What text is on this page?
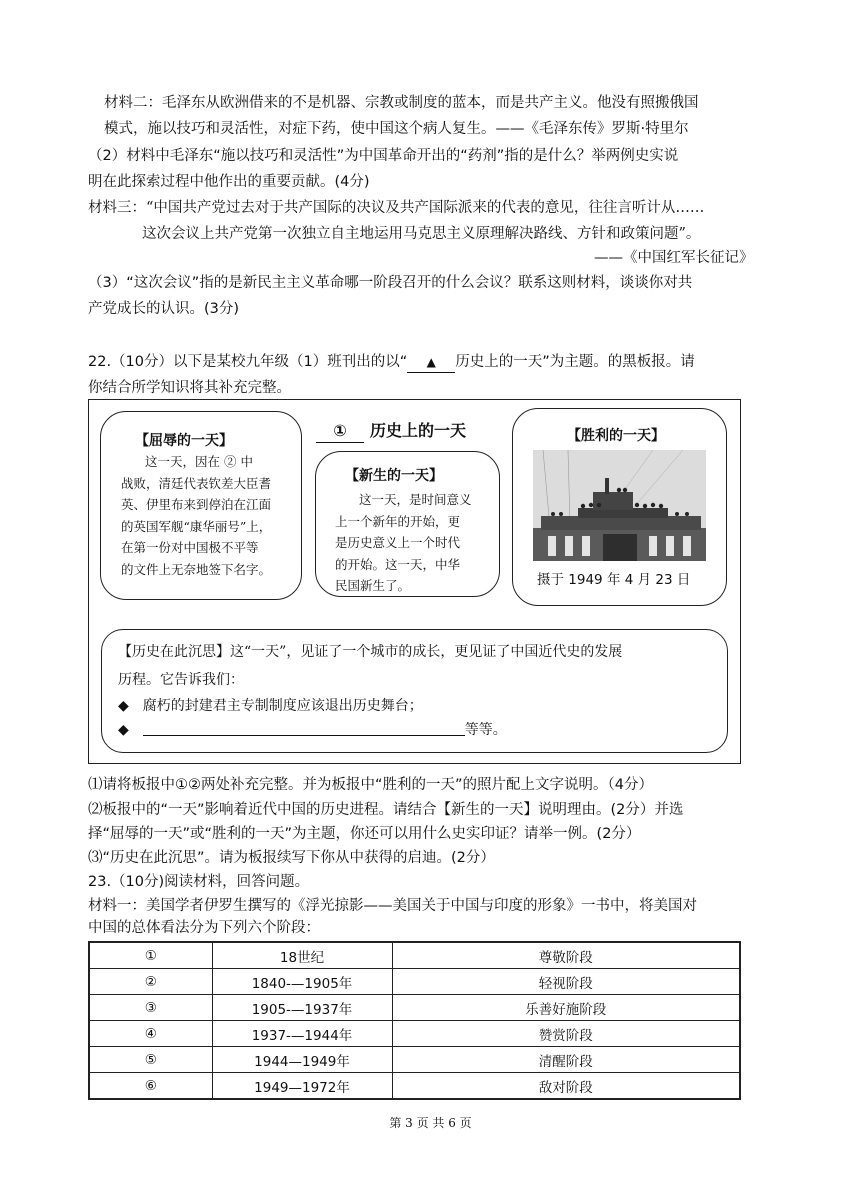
材料二：毛泽东从欧洲借来的不是机器、宗教或制度的蓝本，而是共产主义。他没有照搬俄国
模式，施以技巧和灵活性，对症下药，使中国这个病人复生。——《毛泽东传》罗斯·特里尔
（2）材料中毛泽东“施以技巧和灵活性”为中国革命开出的“药剂”指的是什么？举两例史实说
明在此探索过程中他作出的重要贡献。(4分)
材料三：“中国共产党过去对于共产国际的决议及共产国际派来的代表的意见，往往言听计从……
这次会议上共产党第一次独立自主地运用马克思主义原理解决路线、方针和政策问题”。
——《中国红军长征记》
（3）“这次会议”指的是新民主主义革命哪一阶段召开的什么会议？联系这则材料，谈谈你对共
产党成长的认识。(3分)
22.（10分）以下是某校九年级（1）班刊出的以“ ▲ 历史上的一天”为主题。的黑板报。请
你结合所学知识将其补充完整。
① 历史上的一天
【屈辱的一天】
这一天，因在 ② 中
战败，清廷代表钦差大臣耆
英、伊里布来到停泊在江面
的英国军舰“康华丽号”上，
在第一份对中国极不平等
的文件上无奈地签下名字。
【新生的一天】
这一天，是时间意义
上一个新年的开始，更
是历史意义上一个时代
的开始。这一天，中华
民国新生了。
【胜利的一天】
摄于 1949 年 4 月 23 日
【历史在此沉思】这“一天”，见证了一个城市的成长，更见证了中国近代史的发展
历程。它告诉我们：
◆ 腐朽的封建君主专制制度应该退出历史舞台；
◆	等等。
⑴请将板报中①②两处补充完整。并为板报中“胜利的一天”的照片配上文字说明。（4分）
⑵板报中的“一天”影响着近代中国的历史进程。请结合【新生的一天】说明理由。(2分）并选
择“屈辱的一天”或“胜利的一天”为主题，你还可以用什么史实印证？请举一例。(2分）
⑶“历史在此沉思”。请为板报续写下你从中获得的启迪。(2分）
23.（10分)阅读材料，回答问题。
材料一：美国学者伊罗生撰写的《浮光掠影——美国关于中国与印度的形象》一书中，将美国对
中国的总体看法分为下列六个阶段：
①	18世纪	尊敬阶段
②	1840-—1905年	轻视阶段
③	1905-—1937年	乐善好施阶段
④	1937-—1944年	赞赏阶段
⑤	1944—1949年	清醒阶段
⑥	1949—1972年	敌对阶段
第 3 页 共 6 页
